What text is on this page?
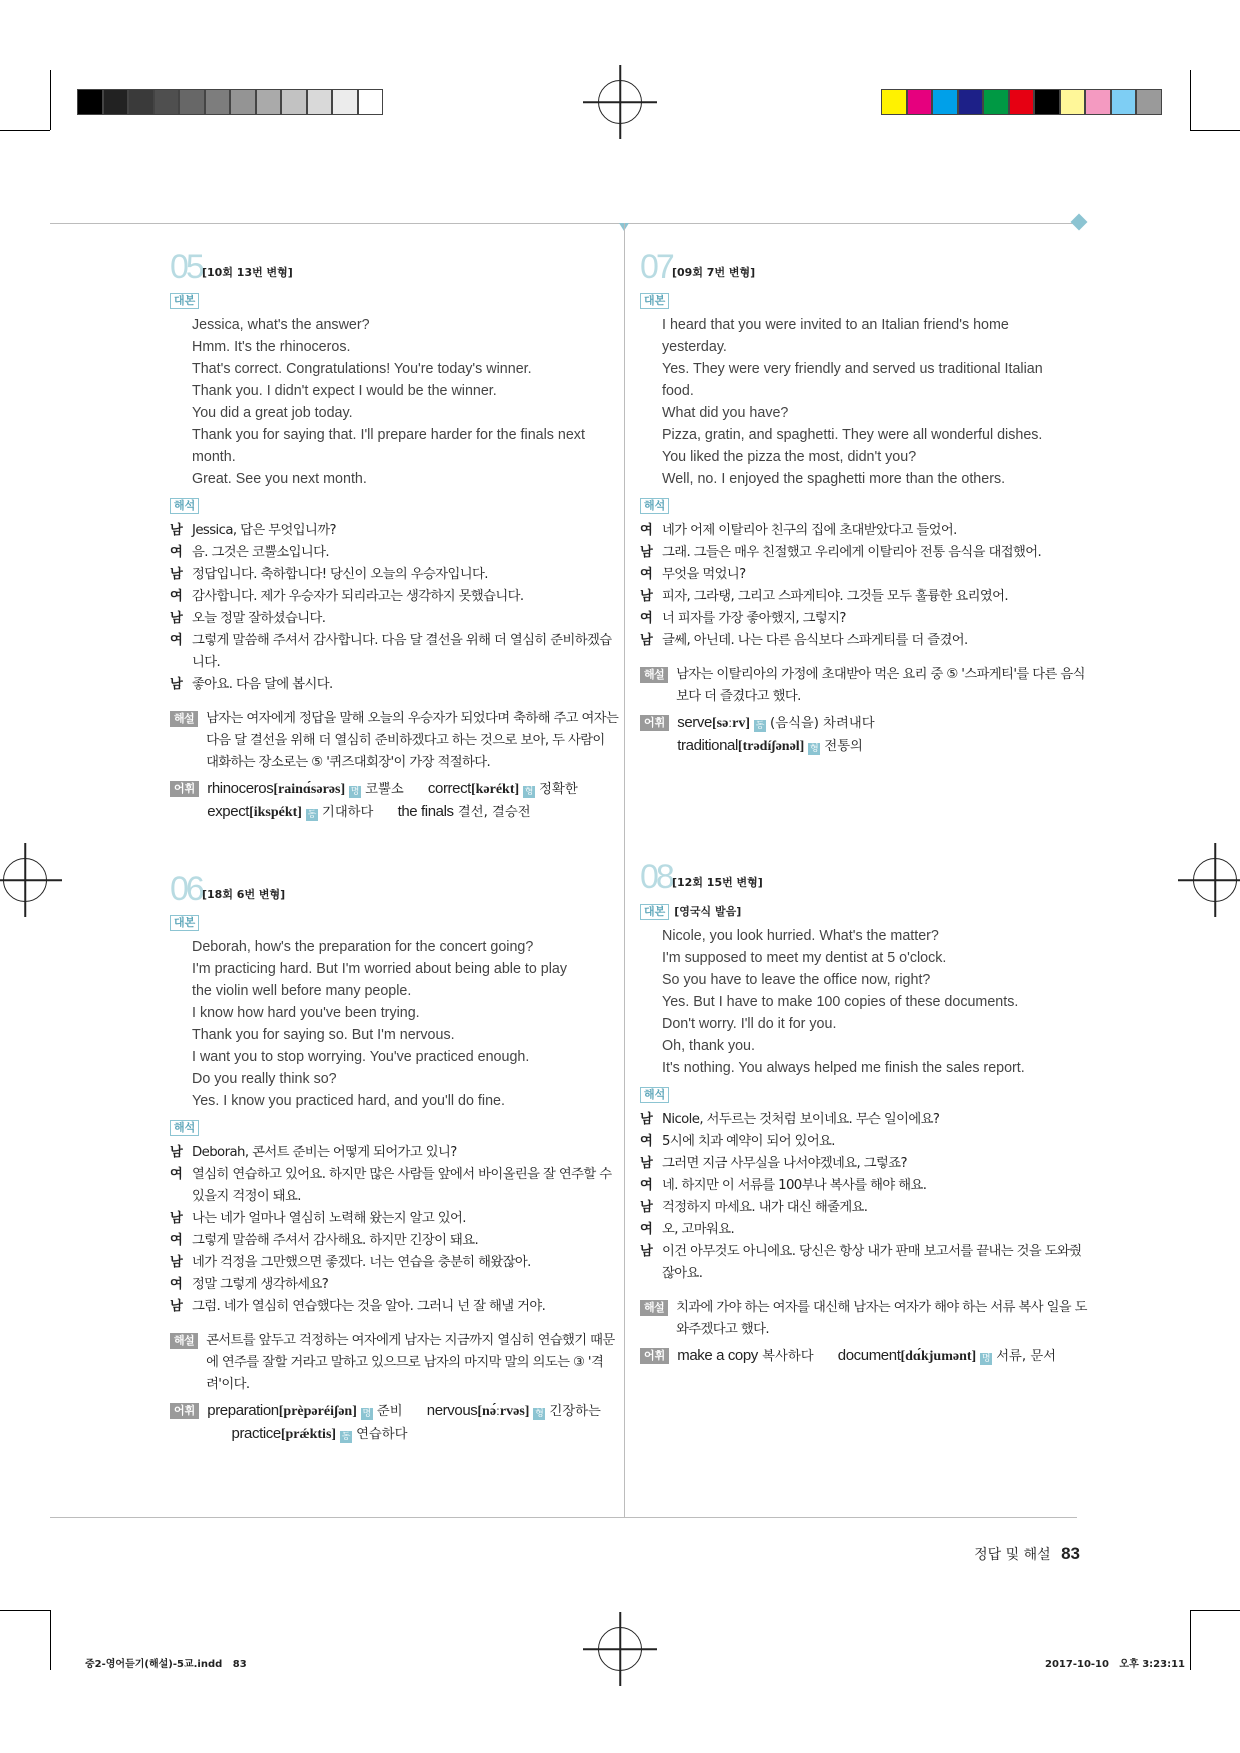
05 [10회 13번 변형]
대본
Jessica, what's the answer?
Hmm. It's the rhinoceros.
That's correct. Congratulations! You're today's winner.
Thank you. I didn't expect I would be the winner.
You did a great job today.
Thank you for saying that. I'll prepare harder for the finals next
month.
Great. See you next month.
해석
남 Jessica, 답은 무엇입니까?
여 음. 그것은 코뿔소입니다.
남 정답입니다. 축하합니다! 당신이 오늘의 우승자입니다.
여 감사합니다. 제가 우승자가 되리라고는 생각하지 못했습니다.
남 오늘 정말 잘하셨습니다.
여 그렇게 말씀해 주셔서 감사합니다. 다음 달 결선을 위해 더 열심히 준비하겠습니다.
남 좋아요. 다음 달에 봅시다.
해설 남자는 여자에게 정답을 말해 오늘의 우승자가 되었다며 축하해 주고 여자는 다음 달 결선을 위해 더 열심히 준비하겠다고 하는 것으로 보아, 두 사람이 대화하는 장소로는 ⑤ '퀴즈대회장'이 가장 적절하다.
어휘 rhinoceros[rainɑ́sərəs] 명 코뿔소 correct[kərékt] 형 정확한
expect[ikspékt] 동 기대하다 the finals 결선, 결승전
06 [18회 6번 변형]
대본
Deborah, how's the preparation for the concert going?
I'm practicing hard. But I'm worried about being able to play
the violin well before many people.
I know how hard you've been trying.
Thank you for saying so. But I'm nervous.
I want you to stop worrying. You've practiced enough.
Do you really think so?
Yes. I know you practiced hard, and you'll do fine.
해석
남 Deborah, 콘서트 준비는 어떻게 되어가고 있니?
여 열심히 연습하고 있어요. 하지만 많은 사람들 앞에서 바이올린을 잘 연주할 수 있을지 걱정이 돼요.
남 나는 네가 얼마나 열심히 노력해 왔는지 알고 있어.
여 그렇게 말씀해 주셔서 감사해요. 하지만 긴장이 돼요.
남 네가 걱정을 그만했으면 좋겠다. 너는 연습을 충분히 해왔잖아.
여 정말 그렇게 생각하세요?
남 그럼. 네가 열심히 연습했다는 것을 알아. 그러니 넌 잘 해낼 거야.
해설 콘서트를 앞두고 걱정하는 여자에게 남자는 지금까지 열심히 연습했기 때문에 연주를 잘할 거라고 말하고 있으므로 남자의 마지막 말의 의도는 ③ '격려'이다.
어휘 preparation[prèpəréiʃən] 명 준비 nervous[nə́ːrvəs] 형 긴장하는 practice[prǽktis] 동 연습하다
07 [09회 7번 변형]
대본
I heard that you were invited to an Italian friend's home
yesterday.
Yes. They were very friendly and served us traditional Italian
food.
What did you have?
Pizza, gratin, and spaghetti. They were all wonderful dishes.
You liked the pizza the most, didn't you?
Well, no. I enjoyed the spaghetti more than the others.
해석
여 네가 어제 이탈리아 친구의 집에 초대받았다고 들었어.
남 그래. 그들은 매우 친절했고 우리에게 이탈리아 전통 음식을 대접했어.
여 무엇을 먹었니?
남 피자, 그라탱, 그리고 스파게티야. 그것들 모두 훌륭한 요리였어.
여 너 피자를 가장 좋아했지, 그렇지?
남 글쎄, 아닌데. 나는 다른 음식보다 스파게티를 더 즐겼어.
해설 남자는 이탈리아의 가정에 초대받아 먹은 요리 중 ⑤ '스파게티'를 다른 음식보다 더 즐겼다고 했다.
어휘 serve[səːrv] 동 (음식을) 차려내다
traditional[trədíʃənəl] 형 전통의
08 [12회 15번 변형]
대본 [영국식 발음]
Nicole, you look hurried. What's the matter?
I'm supposed to meet my dentist at 5 o'clock.
So you have to leave the office now, right?
Yes. But I have to make 100 copies of these documents.
Don't worry. I'll do it for you.
Oh, thank you.
It's nothing. You always helped me finish the sales report.
해석
남 Nicole, 서두르는 것처럼 보이네요. 무슨 일이에요?
여 5시에 치과 예약이 되어 있어요.
남 그러면 지금 사무실을 나서야겠네요, 그렇죠?
여 네. 하지만 이 서류를 100부나 복사를 해야 해요.
남 걱정하지 마세요. 내가 대신 해줄게요.
여 오, 고마워요.
남 이건 아무것도 아니에요. 당신은 항상 내가 판매 보고서를 끝내는 것을 도와줬잖아요.
해설 치과에 가야 하는 여자를 대신해 남자는 여자가 해야 하는 서류 복사 일을 도와주겠다고 했다.
어휘 make a copy 복사하다 document[dɑ́kjumənt] 명 서류, 문서
정답 및 해설 83
중2-영어듣기(해설)-5교.indd   83	2017-10-10   오후 3:23:11
